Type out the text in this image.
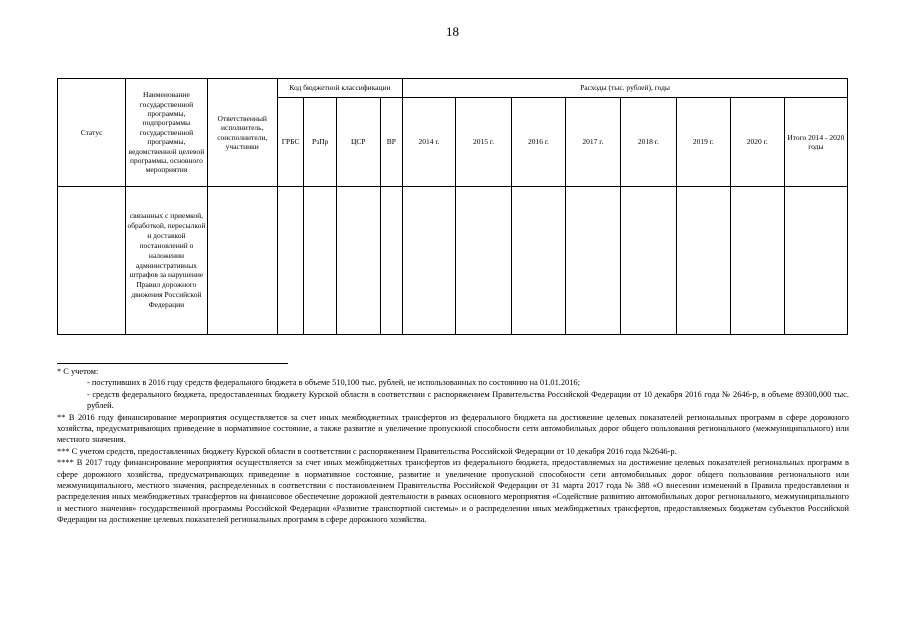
18
Статус	Наименование государственной программы, подпрограммы государственной программы, ведомственной целевой программы, основного мероприятия	Ответственный исполнитель, соисполнители, участники	Код бюджетной классификации				Расходы (тыс. рублей), годы							
			ГРБС	РзПр	ЦСР	ВР	2014 г.	2015 г.	2016 г.	2017 г.	2018 г.	2019 г.	2020 г.	Итого 2014 - 2020 годы
	связанных с приемкой, обработкой, пересылкой и доставкой постановлений о наложении административных штрафов за нарушение Правил дорожного движения Российской Федерации													

* С учетом:

- поступивших в 2016 году средств федерального бюджета в объеме 510,100 тыс. рублей, не использованных по состоянию на 01.01.2016;

- средств федерального бюджета, предоставленных бюджету Курской области в соответствии с распоряжением Правительства Российской Федерации от 10 декабря 2016 года № 2646-р, в объеме 89300,000 тыс. рублей.

** В 2016 году финансирование мероприятия осуществляется за счет иных межбюджетных трансфертов из федерального бюджета на достижение целевых показателей региональных программ в сфере дорожного хозяйства, предусматривающих приведение в нормативное состояние, а также развитие и увеличение пропускной способности сети автомобильных дорог общего пользования регионального (межмуниципального) или местного значения.

*** С учетом средств, предоставленных бюджету Курской области в соответствии с распоряжением Правительства Российской Федерации от 10 декабря 2016 года №2646-р.

**** В 2017 году финансирование мероприятия осуществляется за счет иных межбюджетных трансфертов из федерального бюджета, предоставляемых на достижение целевых показателей региональных программ в сфере дорожного хозяйства, предусматривающих приведение в нормативное состояние, развитие и увеличение пропускной способности сети автомобильных дорог общего пользования регионального или межмуниципального, местного значения, распределенных в соответствии с постановлением Правительства Российской Федерации от 31 марта 2017 года № 388 «О внесении изменений в Правила предоставления и распределения иных межбюджетных трансфертов на финансовое обеспечение дорожной деятельности в рамках основного мероприятия «Содействие развитию автомобильных дорог регионального, межмуниципального и местного значения» государственной программы Российской Федерации «Развитие транспортной системы» и о распределении иных межбюджетных трансфертов, предоставляемых бюджетам субъектов Российской Федерации на достижение целевых показателей региональных программ в сфере дорожного хозяйства.
